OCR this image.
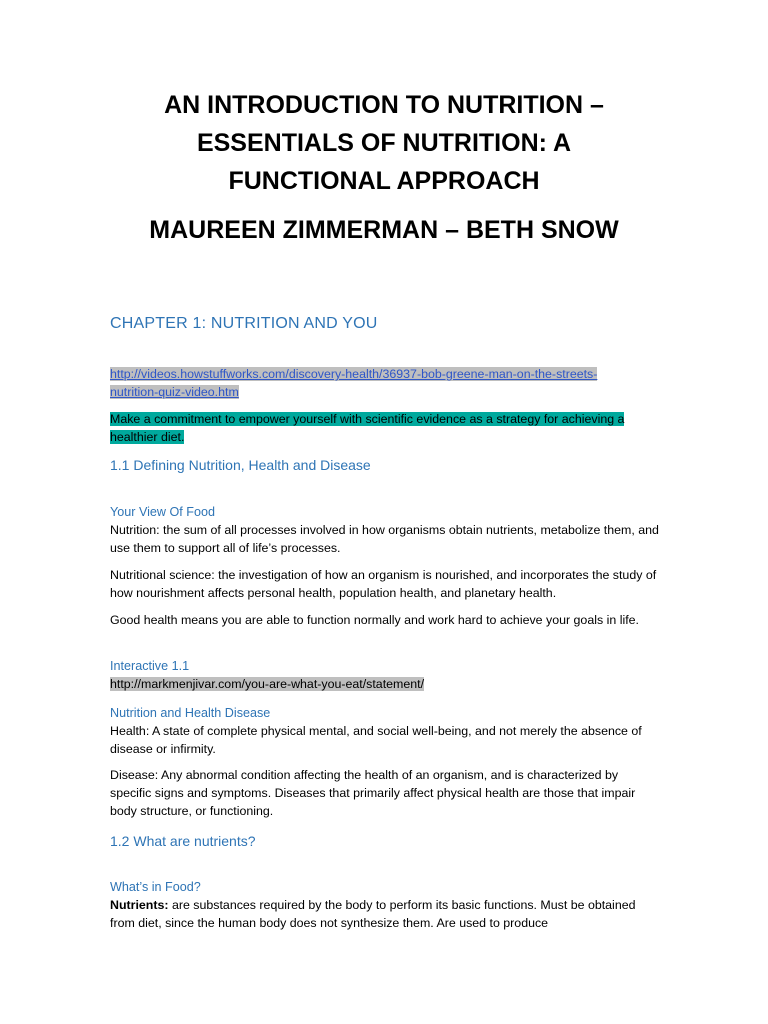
AN INTRODUCTION TO NUTRITION –
ESSENTIALS OF NUTRITION: A
FUNCTIONAL APPROACH
MAUREEN ZIMMERMAN – BETH SNOW
CHAPTER 1: NUTRITION AND YOU

http://videos.howstuffworks.com/discovery-health/36937-bob-greene-man-on-the-streets-
nutrition-quiz-video.htm

Make a commitment to empower yourself with scientific evidence as a strategy for achieving a
healthier diet.

1.1 Defining Nutrition, Health and Disease
Your View Of Food

Nutrition: the sum of all processes involved in how organisms obtain nutrients, metabolize them, and use them to support all of life’s processes.

Nutritional science: the investigation of how an organism is nourished, and incorporates the study of how nourishment affects personal health, population health, and planetary health.

Good health means you are able to function normally and work hard to achieve your goals in life.

Interactive 1.1

http://markmenjivar.com/you-are-what-you-eat/statement/

Nutrition and Health Disease

Health: A state of complete physical mental, and social well-being, and not merely the absence of disease or infirmity.

Disease: Any abnormal condition affecting the health of an organism, and is characterized by specific signs and symptoms. Diseases that primarily affect physical health are those that impair body structure, or functioning.

1.2 What are nutrients?
What’s in Food?

Nutrients: are substances required by the body to perform its basic functions. Must be obtained from diet, since the human body does not synthesize them. Are used to produce
